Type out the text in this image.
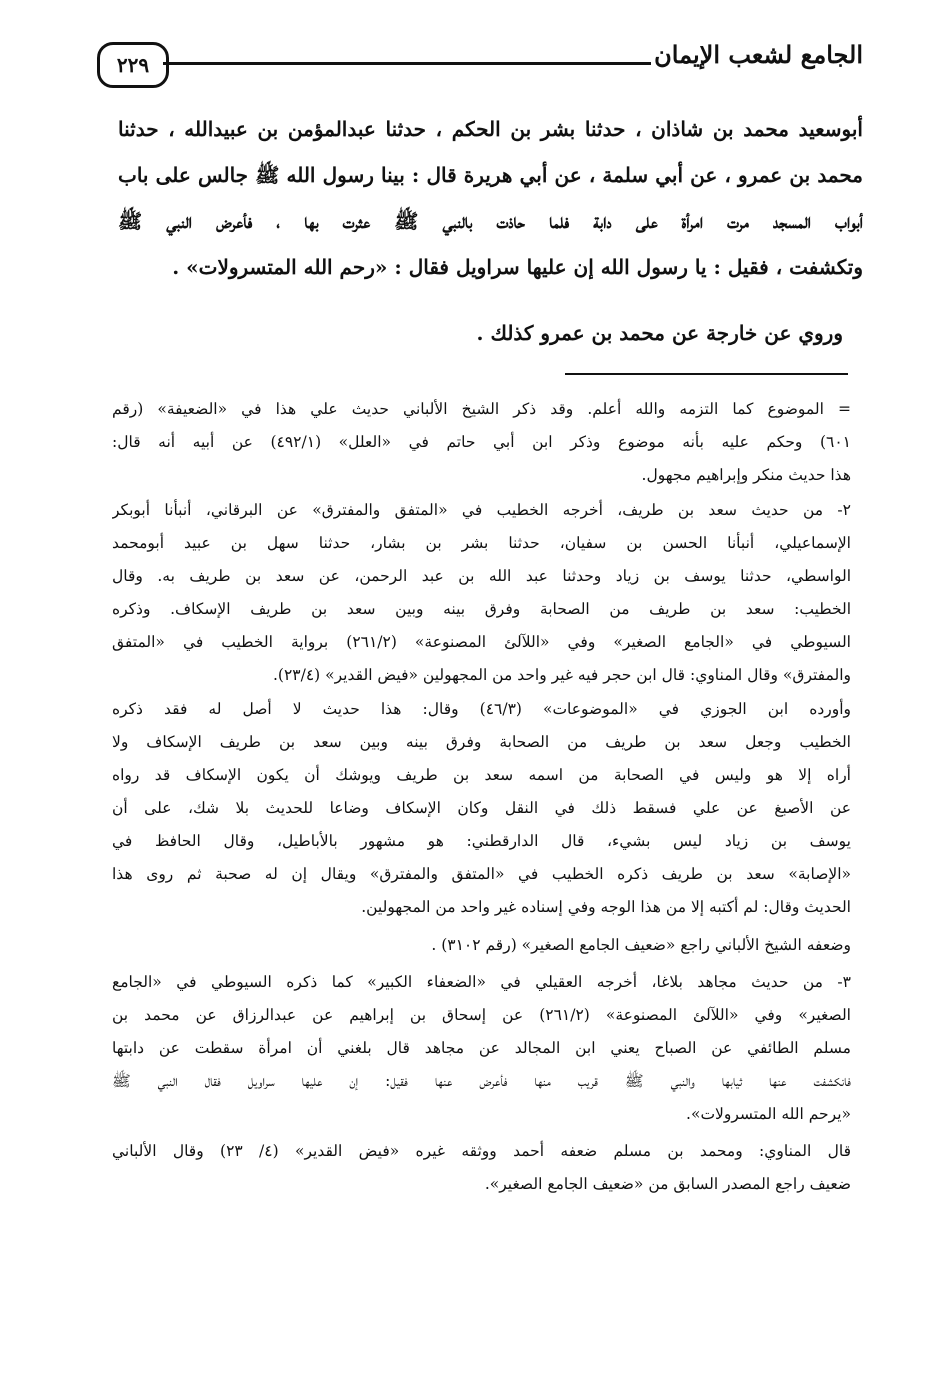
الجامع لشعب الإيمان
٢٢٩
أبوسعيد محمد بن شاذان ، حدثنا بشر بن الحكم ، حدثنا عبدالمؤمن بن عبيدالله ، حدثنا
محمد بن عمرو ، عن أبي سلمة ، عن أبي هريرة قال : بينا رسول الله ﷺ جالس على باب
أبواب المسجد مرت امرأة على دابة فلما حاذت بالنبي ﷺ عثرت بها ، فأعرض النبي ﷺ
وتكشفت ، فقيل : يا رسول الله إن عليها سراويل فقال : «رحم الله المتسرولات» .
وروي عن خارجة عن محمد بن عمرو كذلك .
= الموضوع كما التزمه والله أعلم. وقد ذكر الشيخ الألباني حديث علي هذا في «الضعيفة» (رقم
٦٠١) وحكم عليه بأنه موضوع وذكر ابن أبي حاتم في «العلل» (٤٩٢/١) عن أبيه أنه قال:
هذا حديث منكر وإبراهيم مجهول.
٢- من حديث سعد بن طريف، أخرجه الخطيب في «المتفق والمفترق» عن البرقاني، أنبأنا أبوبكر
الإسماعيلي، أنبأنا الحسن بن سفيان، حدثنا بشر بن بشار، حدثنا سهل بن عبيد أبومحمد
الواسطي، حدثنا يوسف بن زياد وحدثنا عبد الله بن عبد الرحمن، عن سعد بن طريف به. وقال
الخطيب: سعد بن طريف من الصحابة وفرق بينه وبين سعد بن طريف الإسكاف. وذكره
السيوطي في «الجامع الصغير» وفي «اللآلئ المصنوعة» (٢٦١/٢) برواية الخطيب في «المتفق
والمفترق» وقال المناوي: قال ابن حجر فيه غير واحد من المجهولين «فيض القدير» (٢٣/٤).
وأورده ابن الجوزي في «الموضوعات» (٤٦/٣) وقال: هذا حديث لا أصل له فقد ذكره
الخطيب وجعل سعد بن طريف من الصحابة وفرق بينه وبين سعد بن طريف الإسكاف ولا
أراه إلا هو وليس في الصحابة من اسمه سعد بن طريف ويوشك أن يكون الإسكاف قد رواه
عن الأصبغ عن علي فسقط ذلك في النقل وكان الإسكاف وضاعا للحديث بلا شك، على أن
يوسف بن زياد ليس بشيء، قال الدارقطني: هو مشهور بالأباطيل، وقال الحافظ في
«الإصابة» سعد بن طريف ذكره الخطيب في «المتفق والمفترق» ويقال إن له صحبة ثم روى هذا
الحديث وقال: لم أكتبه إلا من هذا الوجه وفي إسناده غير واحد من المجهولين.
وضعفه الشيخ الألباني راجع «ضعيف الجامع الصغير» (رقم ٣١٠٢) .
٣- من حديث مجاهد بلاغا، أخرجه العقيلي في «الضعفاء الكبير» كما ذكره السيوطي في «الجامع
الصغير» وفي «اللآلئ المصنوعة» (٢٦١/٢) عن إسحاق بن إبراهيم عن عبدالرزاق عن محمد بن
مسلم الطائفي عن الصباح يعني ابن المجالد عن مجاهد قال بلغني أن امرأة سقطت عن دابتها
فانكشفت عنها ثيابها والنبي ﷺ قريب منها فأعرض عنها فقيل: إن عليها سراويل فقال النبي ﷺ
«يرحم الله المتسرولات».
قال المناوي: ومحمد بن مسلم ضعفه أحمد ووثقه غيره «فيض القدير» (٤/ ٢٣) وقال الألباني
ضعيف راجع المصدر السابق من «ضعيف الجامع الصغير».
